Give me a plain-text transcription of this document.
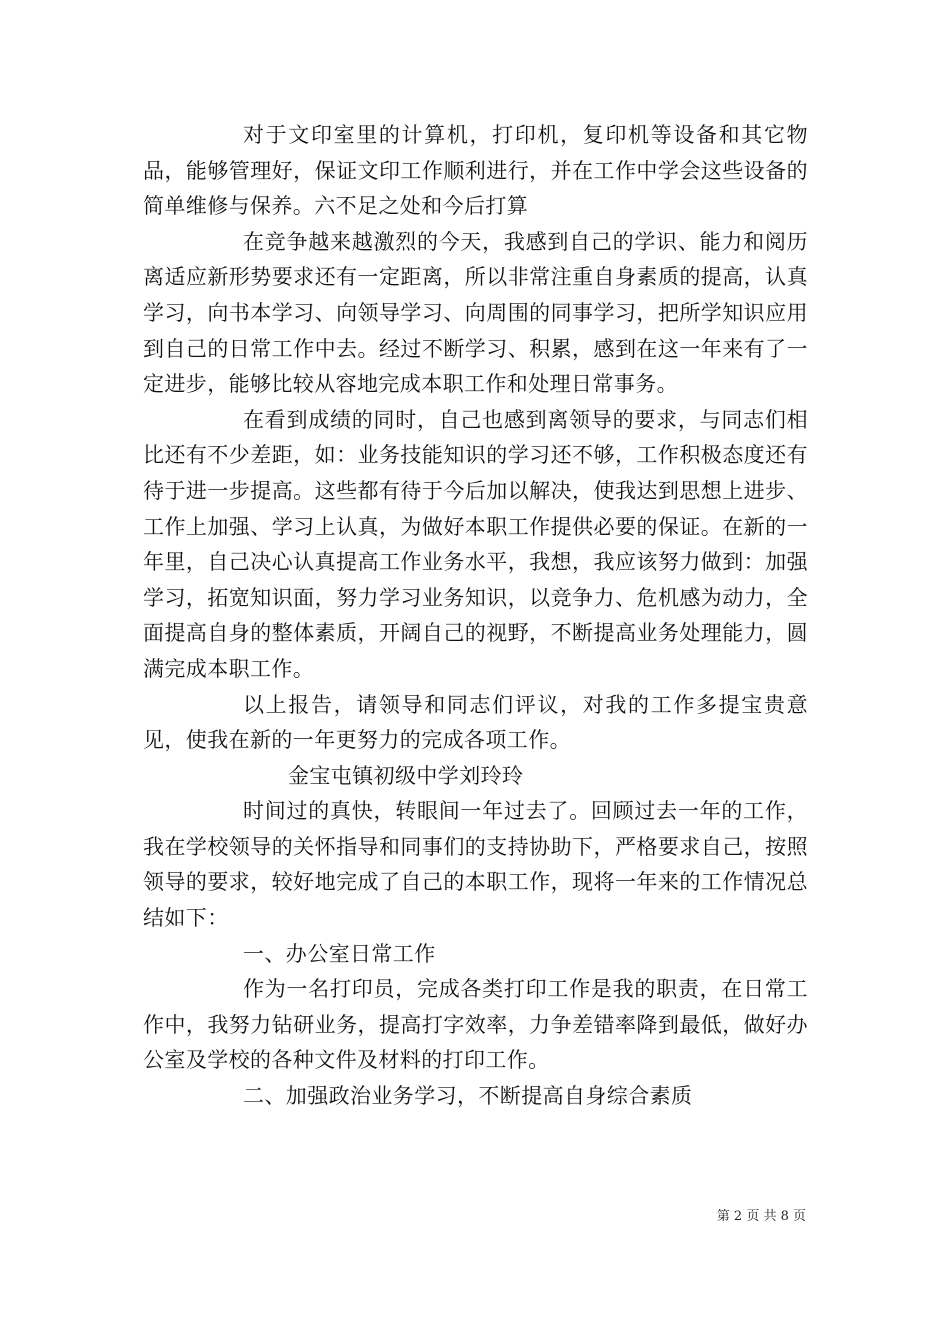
对于文印室里的计算机，打印机，复印机等设备和其它物品，能够管理好，保证文印工作顺利进行，并在工作中学会这些设备的简单维修与保养。六不足之处和今后打算

在竞争越来越激烈的今天，我感到自己的学识、能力和阅历离适应新形势要求还有一定距离，所以非常注重自身素质的提高，认真学习，向书本学习、向领导学习、向周围的同事学习，把所学知识应用到自己的日常工作中去。经过不断学习、积累，感到在这一年来有了一定进步，能够比较从容地完成本职工作和处理日常事务。

在看到成绩的同时，自己也感到离领导的要求，与同志们相比还有不少差距，如：业务技能知识的学习还不够，工作积极态度还有待于进一步提高。这些都有待于今后加以解决，使我达到思想上进步、工作上加强、学习上认真，为做好本职工作提供必要的保证。在新的一年里，自己决心认真提高工作业务水平，我想，我应该努力做到：加强学习，拓宽知识面，努力学习业务知识，以竞争力、危机感为动力，全面提高自身的整体素质，开阔自己的视野，不断提高业务处理能力，圆满完成本职工作。

以上报告，请领导和同志们评议，对我的工作多提宝贵意见，使我在新的一年更努力的完成各项工作。

金宝屯镇初级中学刘玲玲

时间过的真快，转眼间一年过去了。回顾过去一年的工作，我在学校领导的关怀指导和同事们的支持协助下，严格要求自己，按照领导的要求，较好地完成了自己的本职工作，现将一年来的工作情况总结如下：

一、办公室日常工作

作为一名打印员，完成各类打印工作是我的职责，在日常工作中，我努力钻研业务，提高打字效率，力争差错率降到最低，做好办公室及学校的各种文件及材料的打印工作。

二、加强政治业务学习，不断提高自身综合素质

第 2 页 共 8 页
